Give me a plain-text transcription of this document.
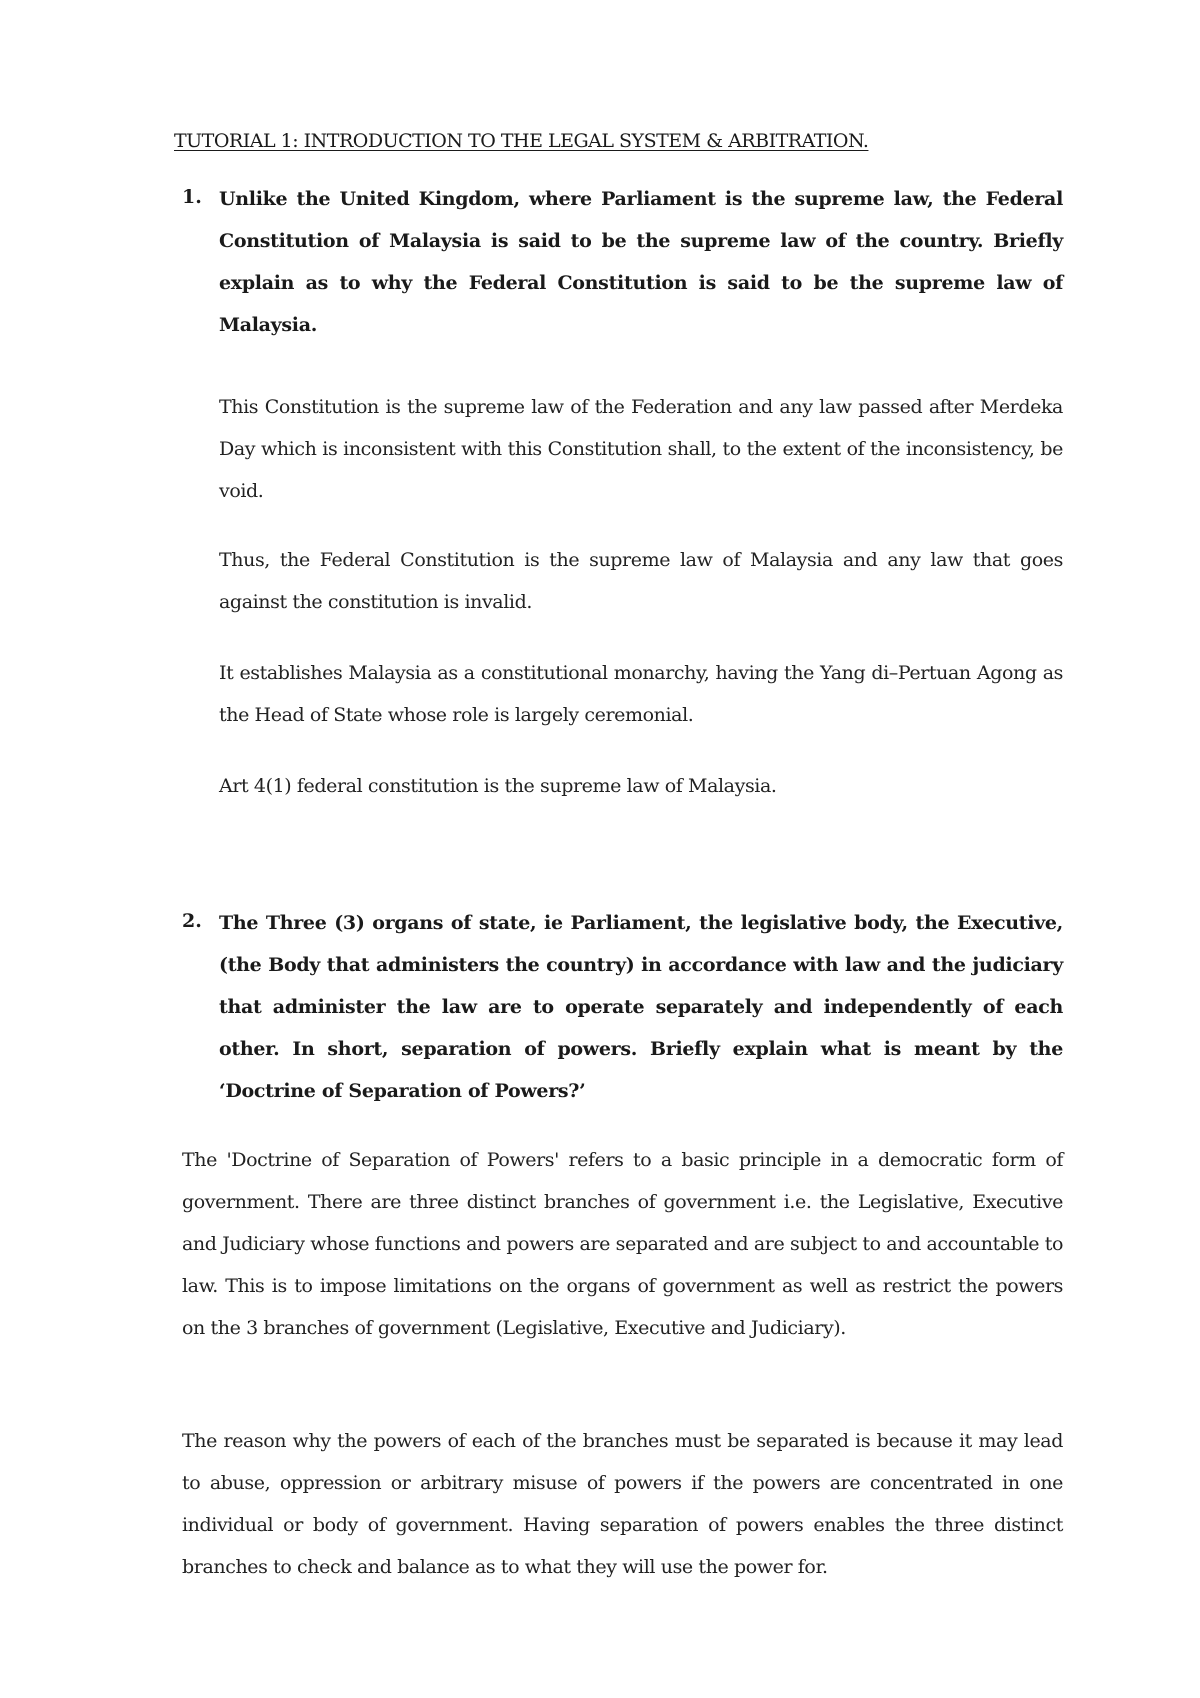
TUTORIAL 1: INTRODUCTION TO THE LEGAL SYSTEM & ARBITRATION.
1. Unlike the United Kingdom, where Parliament is the supreme law, the Federal Constitution of Malaysia is said to be the supreme law of the country. Briefly explain as to why the Federal Constitution is said to be the supreme law of Malaysia.

This Constitution is the supreme law of the Federation and any law passed after Merdeka Day which is inconsistent with this Constitution shall, to the extent of the inconsistency, be void.

Thus, the Federal Constitution is the supreme law of Malaysia and any law that goes against the constitution is invalid.

It establishes Malaysia as a constitutional monarchy, having the Yang di–Pertuan Agong as the Head of State whose role is largely ceremonial.

Art 4(1) federal constitution is the supreme law of Malaysia.

2. The Three (3) organs of state, ie Parliament, the legislative body, the Executive, (the Body that administers the country) in accordance with law and the judiciary that administer the law are to operate separately and independently of each other. In short, separation of powers. Briefly explain what is meant by the ‘Doctrine of Separation of Powers?’

The 'Doctrine of Separation of Powers' refers to a basic principle in a democratic form of government. There are three distinct branches of government i.e. the Legislative, Executive and Judiciary whose functions and powers are separated and are subject to and accountable to law. This is to impose limitations on the organs of government as well as restrict the powers on the 3 branches of government (Legislative, Executive and Judiciary).

The reason why the powers of each of the branches must be separated is because it may lead to abuse, oppression or arbitrary misuse of powers if the powers are concentrated in one individual or body of government. Having separation of powers enables the three distinct branches to check and balance as to what they will use the power for.
